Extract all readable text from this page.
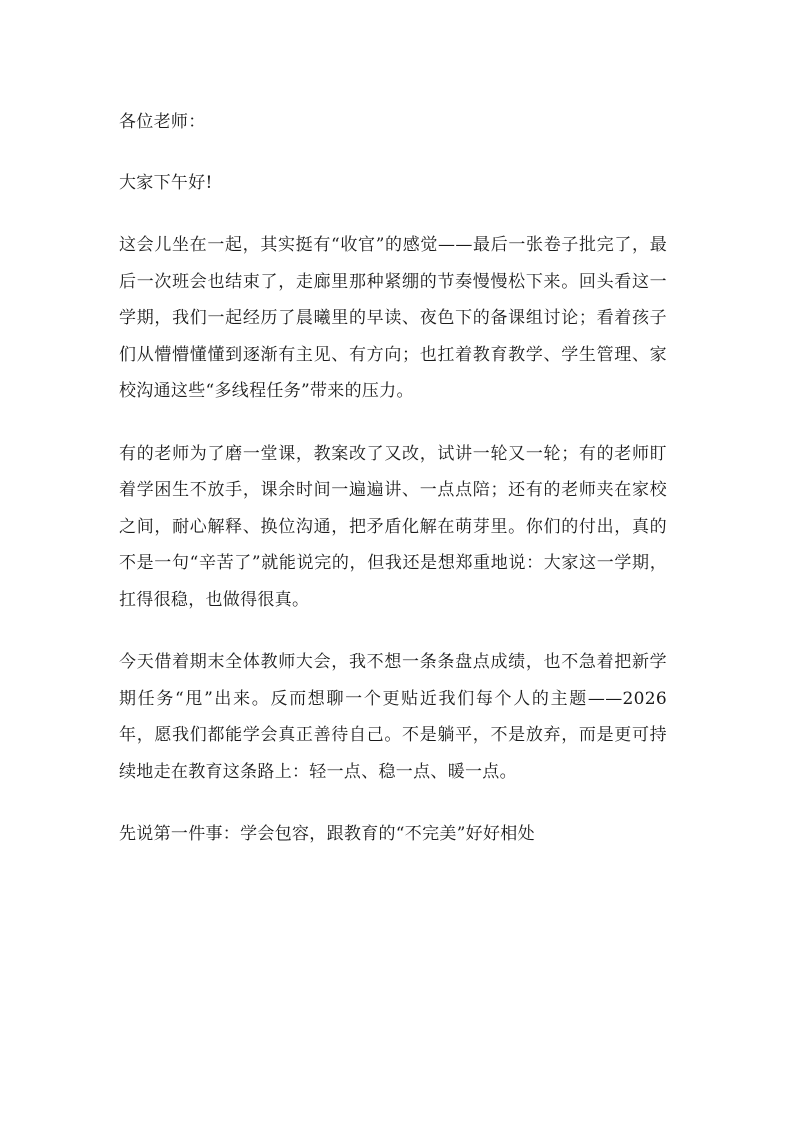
各位老师：

大家下午好!

这会儿坐在一起，其实挺有“收官”的感觉——最后一张卷子批完了，最后一次班会也结束了，走廊里那种紧绷的节奏慢慢松下来。回头看这一学期，我们一起经历了晨曦里的早读、夜色下的备课组讨论；看着孩子们从懵懵懂懂到逐渐有主见、有方向；也扛着教育教学、学生管理、家校沟通这些“多线程任务”带来的压力。

有的老师为了磨一堂课，教案改了又改，试讲一轮又一轮；有的老师盯着学困生不放手，课余时间一遍遍讲、一点点陪；还有的老师夹在家校之间，耐心解释、换位沟通，把矛盾化解在萌芽里。你们的付出，真的不是一句“辛苦了”就能说完的，但我还是想郑重地说：大家这一学期，扛得很稳，也做得很真。

今天借着期末全体教师大会，我不想一条条盘点成绩，也不急着把新学期任务“甩”出来。反而想聊一个更贴近我们每个人的主题——2026 年，愿我们都能学会真正善待自己。不是躺平，不是放弃，而是更可持续地走在教育这条路上：轻一点、稳一点、暖一点。

先说第一件事：学会包容，跟教育的“不完美”好好相处
